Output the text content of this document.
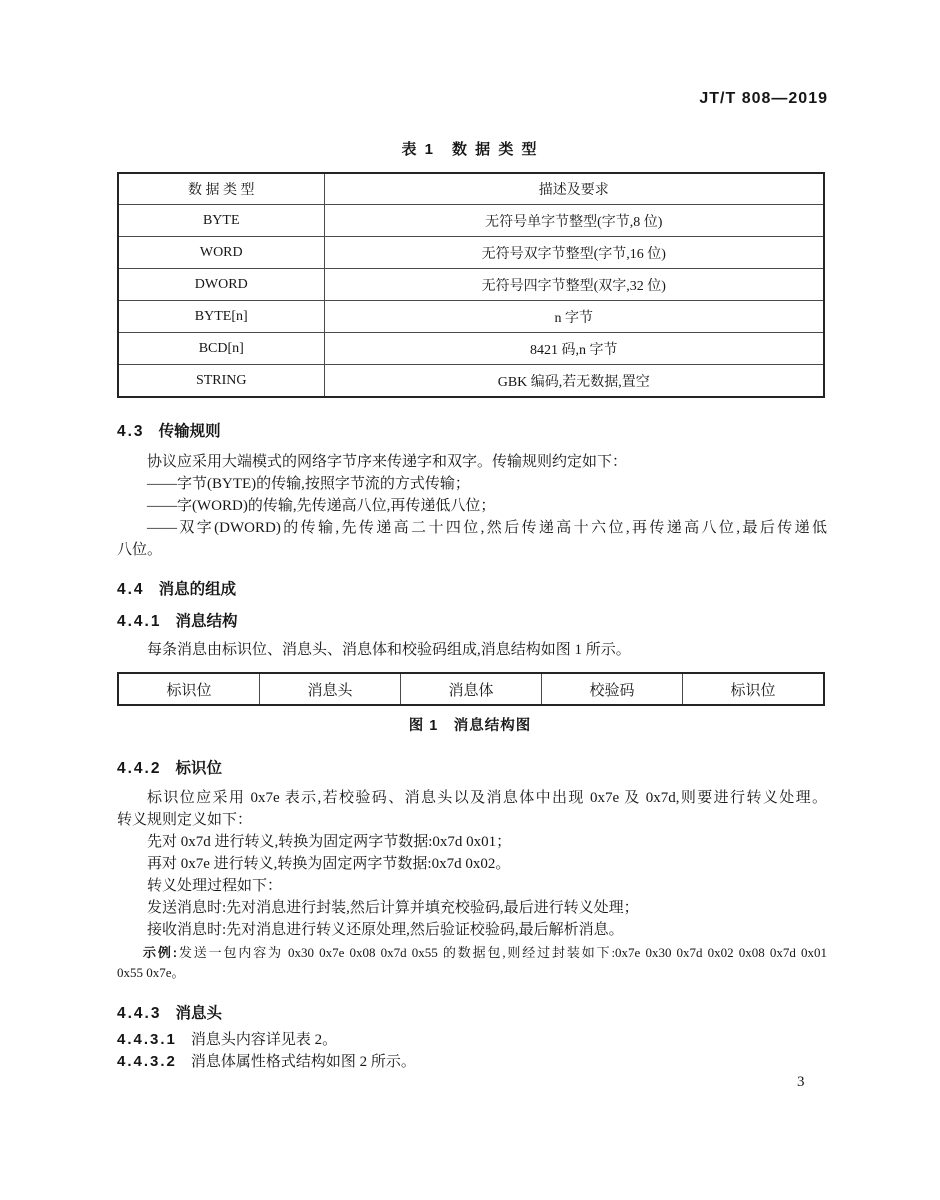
JT/T 808—2019
表 1　数 据 类 型
数 据 类 型	描述及要求
BYTE	无符号单字节整型(字节,8 位)
WORD	无符号双字节整型(字节,16 位)
DWORD	无符号四字节整型(双字,32 位)
BYTE[n]	n 字节
BCD[n]	8421 码,n 字节
STRING	GBK 编码,若无数据,置空
4.3 传输规则

协议应采用大端模式的网络字节序来传递字和双字。传输规则约定如下：

——字节(BYTE)的传输,按照字节流的方式传输；

——字(WORD)的传输,先传递高八位,再传递低八位；

——双字(DWORD)的传输,先传递高二十四位,然后传递高十六位,再传递高八位,最后传递低

八位。

4.4 消息的组成
4.4.1 消息结构

每条消息由标识位、消息头、消息体和校验码组成,消息结构如图 1 所示。

标识位	消息头	消息体	校验码	标识位
图 1　消息结构图
4.4.2 标识位

标识位应采用 0x7e 表示,若校验码、消息头以及消息体中出现 0x7e 及 0x7d,则要进行转义处理。

转义规则定义如下：

先对 0x7d 进行转义,转换为固定两字节数据:0x7d 0x01；

再对 0x7e 进行转义,转换为固定两字节数据:0x7d 0x02。

转义处理过程如下：

发送消息时:先对消息进行封装,然后计算并填充校验码,最后进行转义处理；

接收消息时:先对消息进行转义还原处理,然后验证校验码,最后解析消息。

示例:发送一包内容为 0x30 0x7e 0x08 0x7d 0x55 的数据包,则经过封装如下:0x7e 0x30 0x7d 0x02 0x08 0x7d 0x01

0x55 0x7e。

4.4.3 消息头
4.4.3.1 消息头内容详见表 2。
4.4.3.2 消息体属性格式结构如图 2 所示。
3
